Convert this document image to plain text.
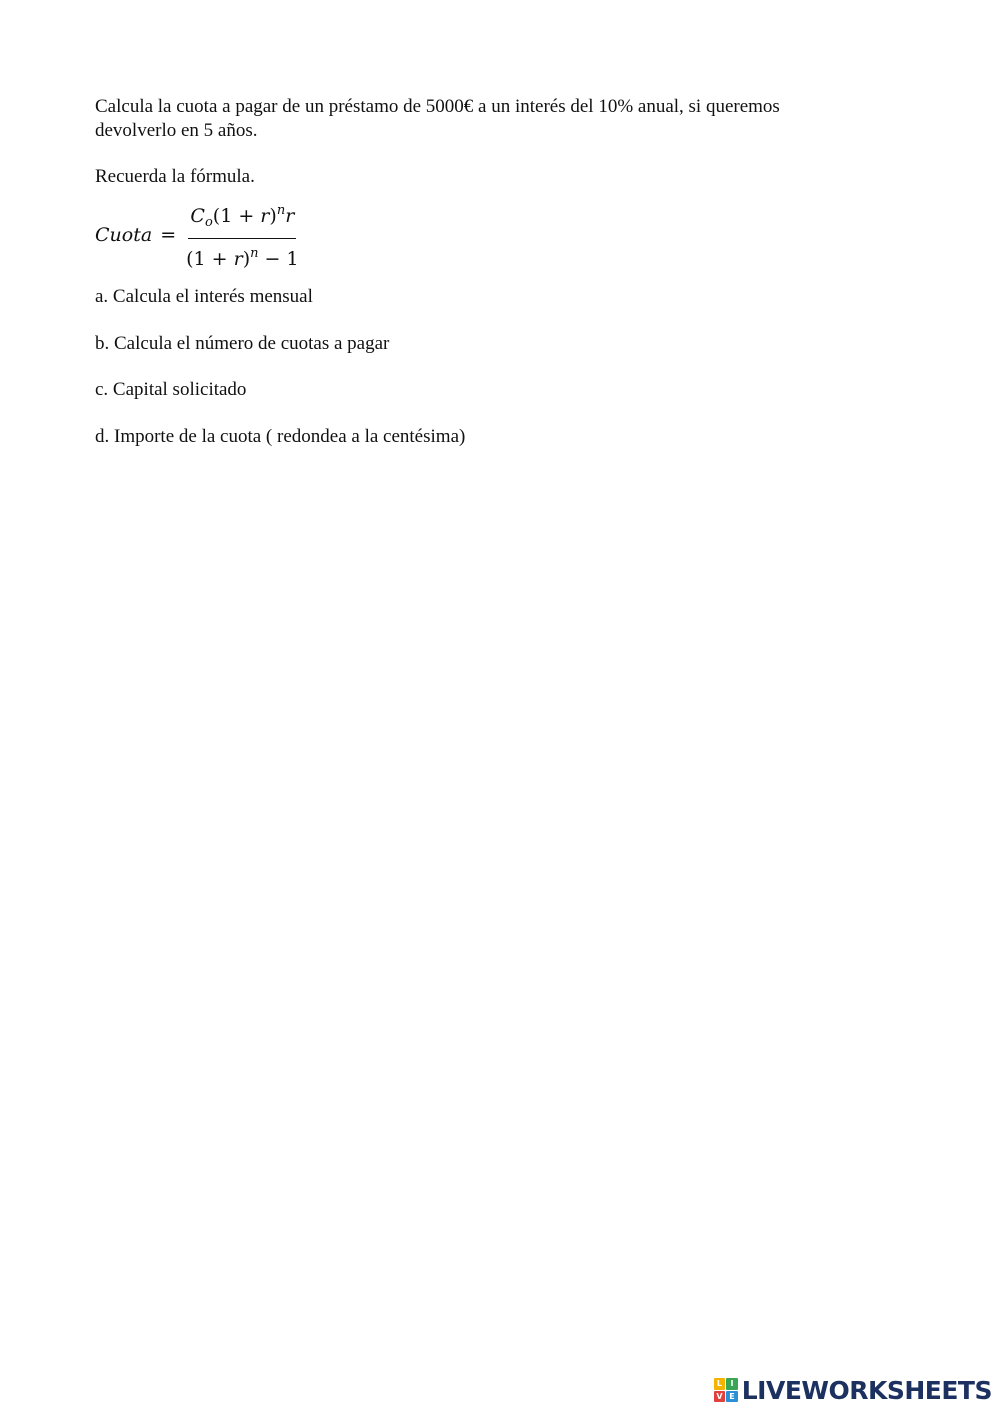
Calcula la cuota a pagar de un préstamo de 5000€ a un interés del 10% anual, si queremos
devolverlo en 5 años.

Recuerda la fórmula.

Cuota = $\frac{C_o(1 + r)^nr}{(1 + r)^n - 1}$

a. Calcula el interés mensual

b. Calcula el número de cuotas a pagar

c. Capital solicitado

d. Importe de la cuota ( redondea a la centésima)

L	I
V E LIVEWORKSHEETS
